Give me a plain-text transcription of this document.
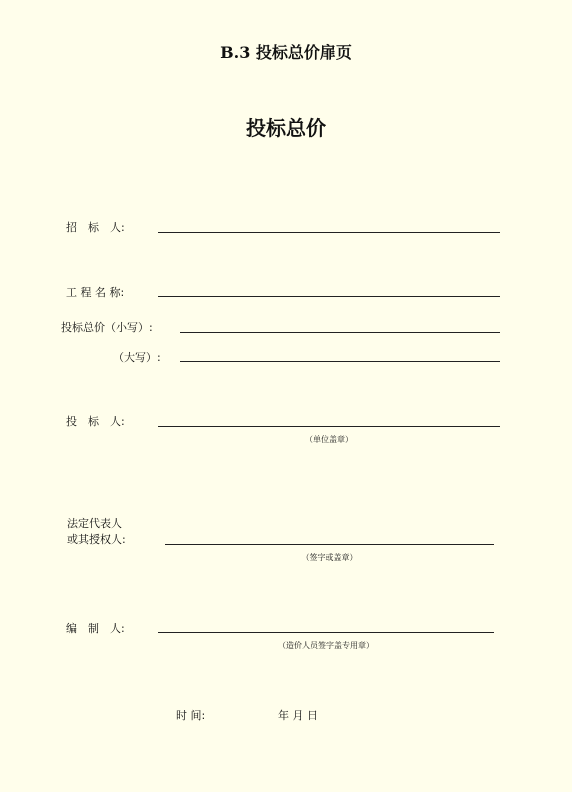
B.3 投标总价扉页
投标总价
招　标　人:
工 程 名 称:
投标总价（小写）:
（大写）:
投　标　人:
（单位盖章）
法定代表人
或其授权人:
（签字或盖章）
编　制　人:
（造价人员签字盖专用章）
时 间:	年 月 日
